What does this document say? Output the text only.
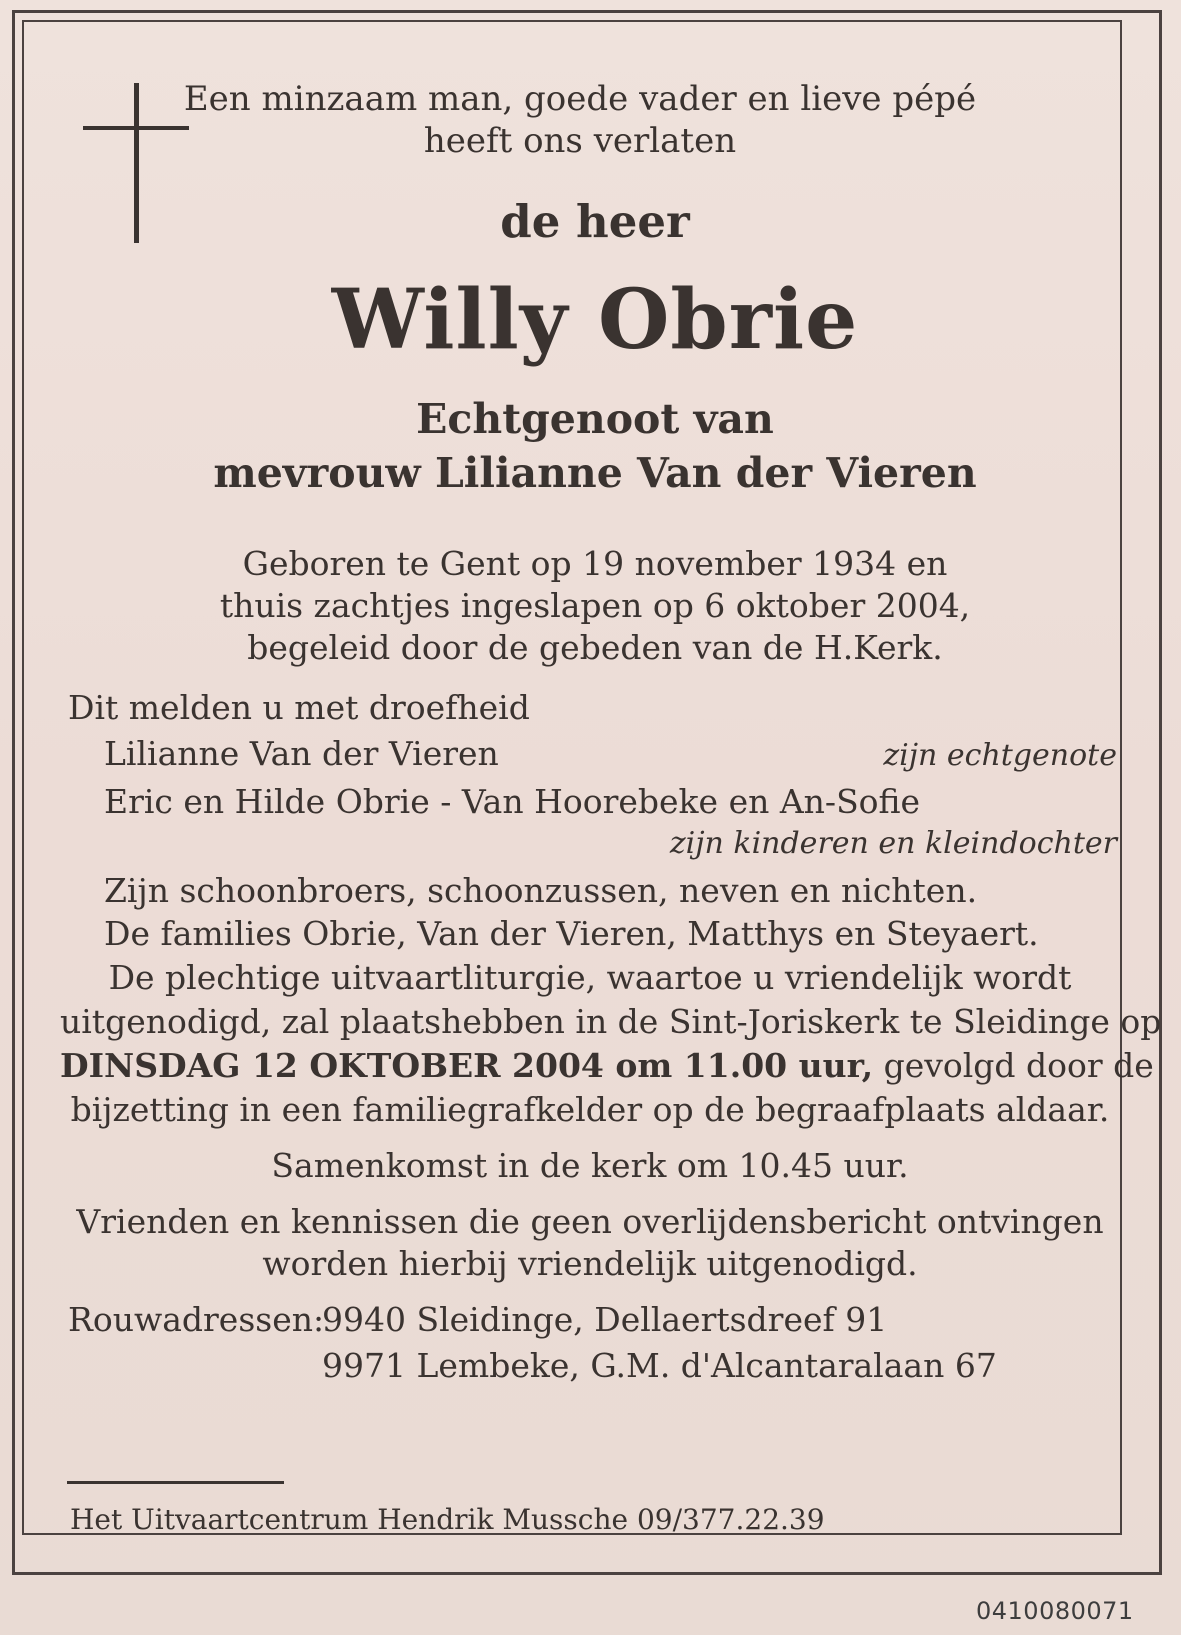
Een minzaam man, goede vader en lieve pépé
heeft ons verlaten
de heer
Willy Obrie
Echtgenoot van
mevrouw Lilianne Van der Vieren
Geboren te Gent op 19 november 1934 en
thuis zachtjes ingeslapen op 6 oktober 2004,
begeleid door de gebeden van de H.Kerk.
Dit melden u met droefheid
Lilianne Van der Vieren	zijn echtgenote
Eric en Hilde Obrie - Van Hoorebeke en An-Sofie
zijn kinderen en kleindochter
Zijn schoonbroers, schoonzussen, neven en nichten.
De families Obrie, Van der Vieren, Matthys en Steyaert.
De plechtige uitvaartliturgie, waartoe u vriendelijk wordt
uitgenodigd, zal plaatshebben in de Sint-Joriskerk te Sleidinge op
DINSDAG 12 OKTOBER 2004 om 11.00 uur, gevolgd door de
bijzetting in een familiegrafkelder op de begraafplaats aldaar.
Samenkomst in de kerk om 10.45 uur.
Vrienden en kennissen die geen overlijdensbericht ontvingen
worden hierbij vriendelijk uitgenodigd.
Rouwadressen:
9940 Sleidinge, Dellaertsdreef 91
9971 Lembeke, G.M. d'Alcantaralaan 67
Het Uitvaartcentrum Hendrik Mussche 09/377.22.39
0410080071
